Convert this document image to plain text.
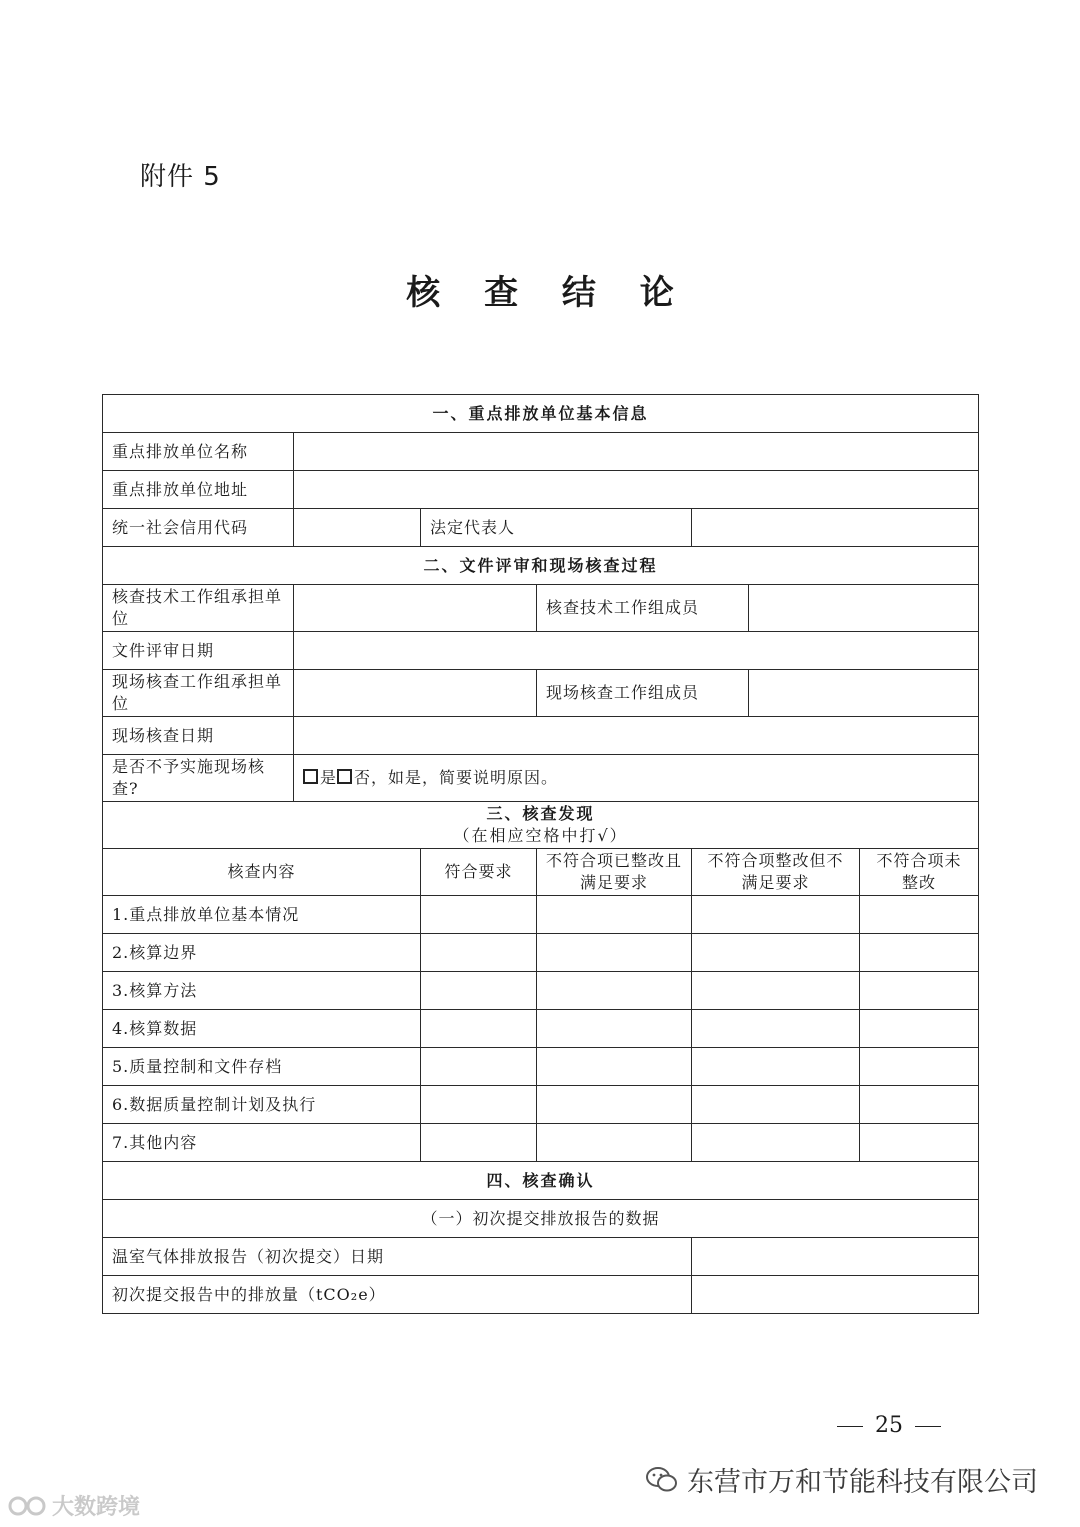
附件 5
核 查 结 论
一、重点排放单位基本信息						
重点排放单位名称						
重点排放单位地址						
统一社会信用代码		法定代表人				
二、文件评审和现场核查过程						
核查技术工作组承担单位			核查技术工作组成员			
文件评审日期						
现场核查工作组承担单位			现场核查工作组成员			
现场核查日期						
是否不予实施现场核查?	是 否，如是，简要说明原因。					
三、核查发现
（在相应空格中打√）						

核查内容		符合要求	不符合项已整改且满足要求	不符合项整改但不满足要求		不符合项未整改
1.重点排放单位基本情况						
2.核算边界						
3.核算方法						
4.核算数据						
5.质量控制和文件存档						
6.数据质量控制计划及执行						
7.其他内容						
四、核查确认						
（一）初次提交排放报告的数据						
温室气体排放报告（初次提交）日期						
初次提交报告中的排放量（tCO₂e）						
25
东营市万和节能科技有限公司
大数跨境
